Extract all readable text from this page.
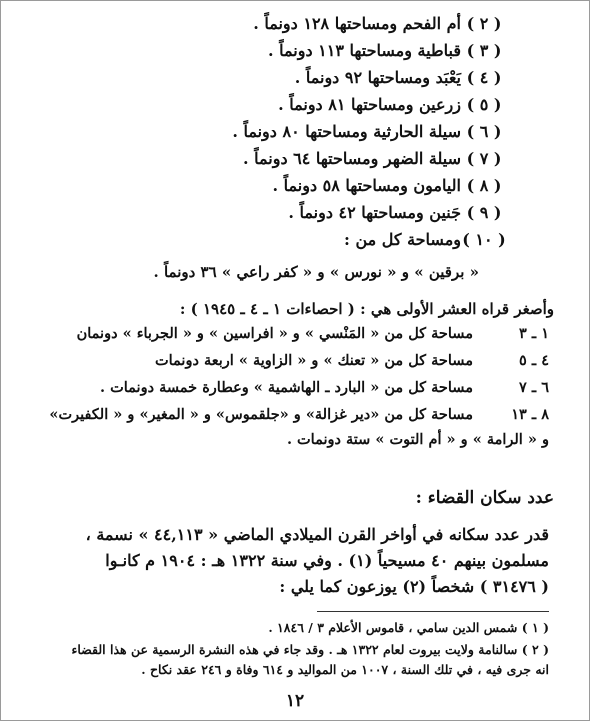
( ٢ )أم الفحم ومساحتها ١٢٨ دونماً .
( ٣ )قباطية ومساحتها ١١٣ دونماً .
( ٤ )يَعْبَد ومساحتها ٩٢ دونماً .
( ٥ )زرعين ومساحتها ٨١ دونماً .
( ٦ )سيلة الحارثية ومساحتها ٨٠ دونماً .
( ٧ )سيلة الضهر ومساحتها ٦٤ دونماً .
( ٨ )اليامون ومساحتها ٥٨ دونماً .
( ٩ )جَنين ومساحتها ٤٢ دونماً .
( ١٠ )ومساحة كل من :
« برقين » و « نورس » و « كفر راعي » ٣٦ دونماً .
وأصغر قراه العشر الأولى هي : ( احصاءات ١ ـ ٤ ـ ١٩٤٥ ) :
١ ـ ٣مساحة كل من « المَنْسي » و « افراسين » و « الجرباء » دونمان
٤ ـ ٥مساحة كل من « تعنك » و « الزاوية » اربعة دونمات
٦ ـ ٧مساحة كل من « البارد ـ الهاشمية » وعطارة خمسة دونمات .
٨ ـ ١٣مساحة كل من «دير غزالة» و «جلقموس» و « المغير» و « الكفيرت»
و « الرامة » و « أم التوت » ستة دونمات .
عدد سكان القضاء :
قدر عدد سكانه في أواخر القرن الميلادي الماضي « ٤٤,١١٣ » نسمة ،
مسلمون بينهم ٤٠ مسيحياً (١) . وفي سنة ١٣٢٢ هـ : ١٩٠٤ م كانـوا
( ٣١٤٧٦ ) شخصاً (٢) يوزعون كما يلي :
( ١ ) شمس الدين سامي ، قاموس الأعلام ٣ / ١٨٤٦ .
( ٢ ) سالنامة ولايت بيروت لعام ١٣٢٢ هـ . وقد جاء في هذه النشرة الرسمية عن هذا القضاء
انه جرى فيه ، في تلك السنة ، ١٠٠٧ من المواليد و ٦١٤ وفاة و ٢٤٦ عقد نكاح .
١٢
